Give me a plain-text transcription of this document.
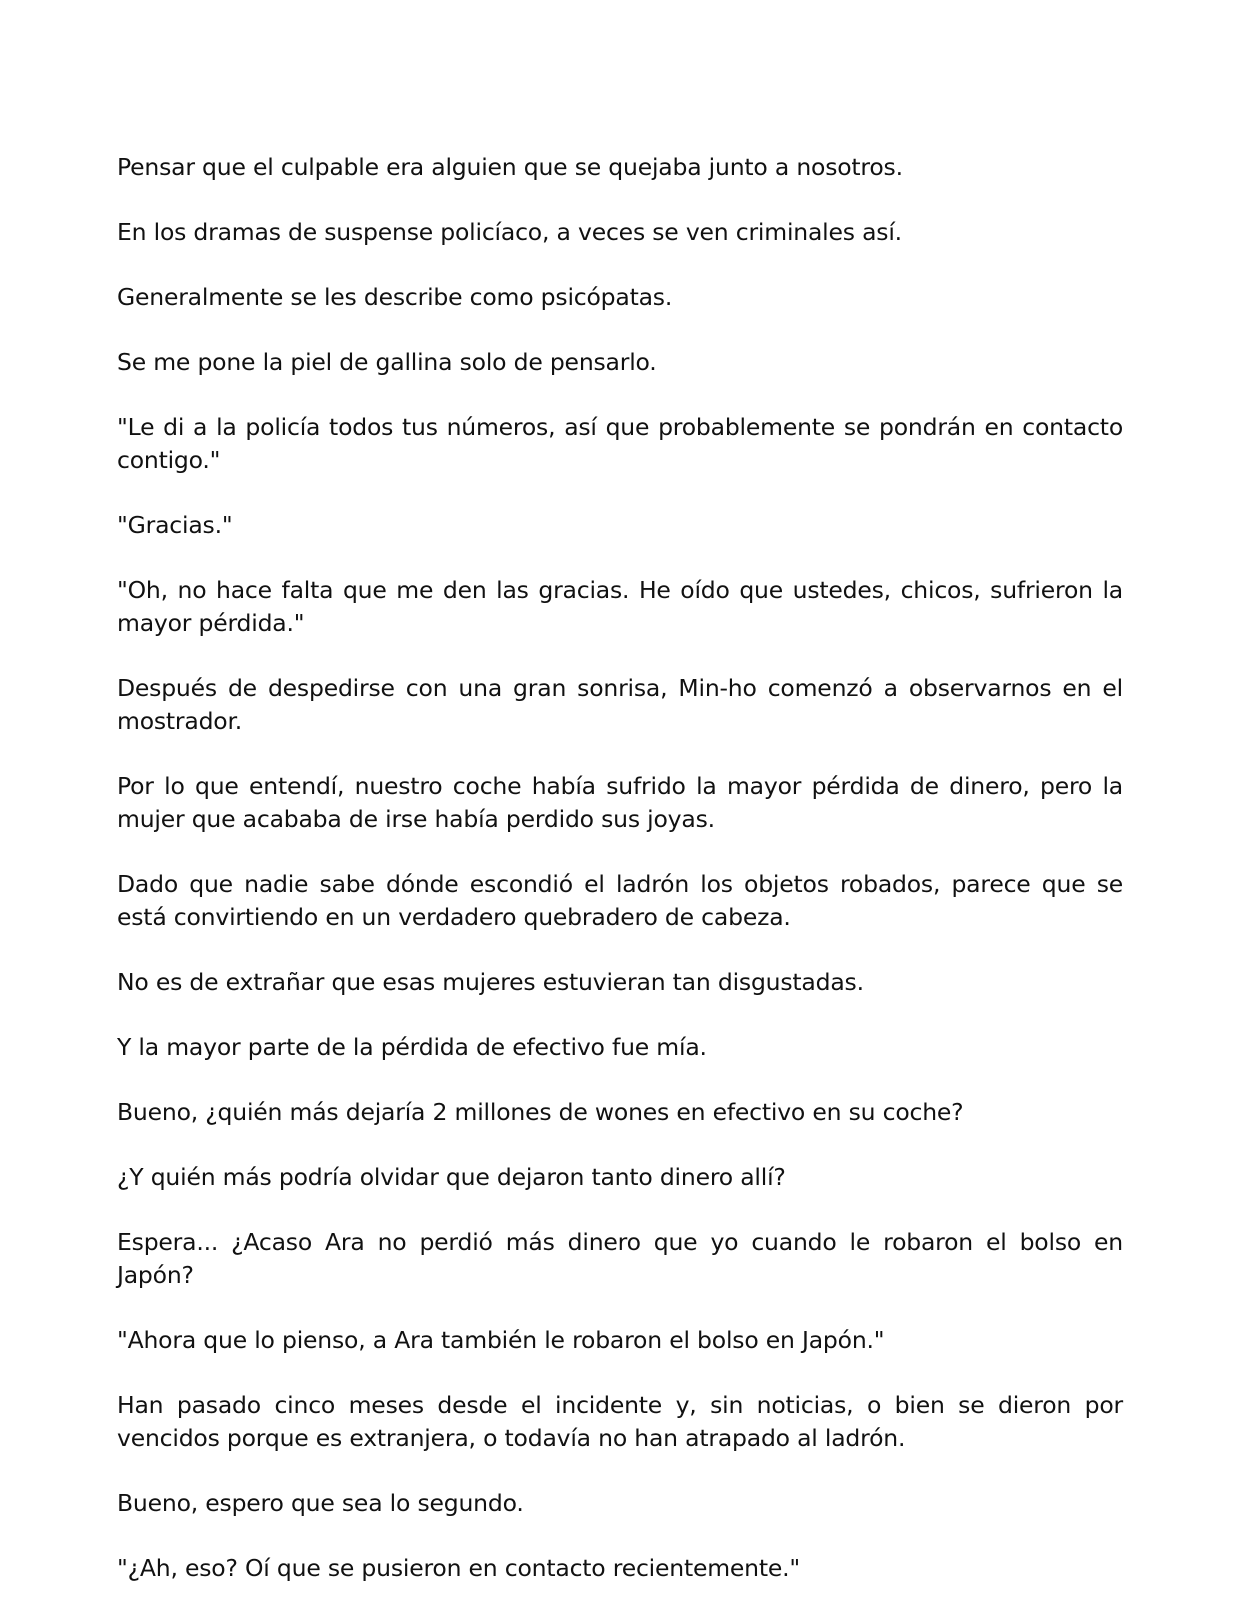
Pensar que el culpable era alguien que se quejaba junto a nosotros.

En los dramas de suspense policíaco, a veces se ven criminales así.

Generalmente se les describe como psicópatas.

Se me pone la piel de gallina solo de pensarlo.

"Le di a la policía todos tus números, así que probablemente se pondrán en contacto contigo."

"Gracias."

"Oh, no hace falta que me den las gracias. He oído que ustedes, chicos, sufrieron la mayor pérdida."

Después de despedirse con una gran sonrisa, Min-ho comenzó a observarnos en el mostrador.

Por lo que entendí, nuestro coche había sufrido la mayor pérdida de dinero, pero la mujer que acababa de irse había perdido sus joyas.

Dado que nadie sabe dónde escondió el ladrón los objetos robados, parece que se está convirtiendo en un verdadero quebradero de cabeza.

No es de extrañar que esas mujeres estuvieran tan disgustadas.

Y la mayor parte de la pérdida de efectivo fue mía.

Bueno, ¿quién más dejaría 2 millones de wones en efectivo en su coche?

¿Y quién más podría olvidar que dejaron tanto dinero allí?

Espera... ¿Acaso Ara no perdió más dinero que yo cuando le robaron el bolso en Japón?

"Ahora que lo pienso, a Ara también le robaron el bolso en Japón."

Han pasado cinco meses desde el incidente y, sin noticias, o bien se dieron por vencidos porque es extranjera, o todavía no han atrapado al ladrón.

Bueno, espero que sea lo segundo.

"¿Ah, eso? Oí que se pusieron en contacto recientemente."
